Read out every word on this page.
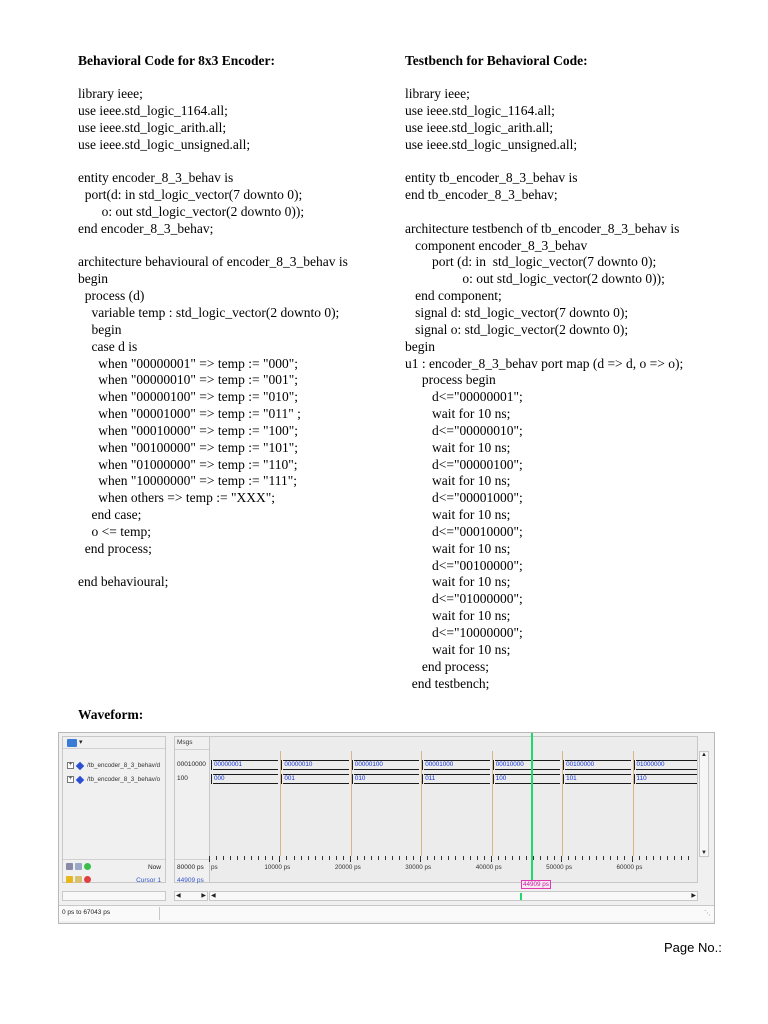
Behavioral Code for 8x3 Encoder:
library ieee;
use ieee.std_logic_1164.all;
use ieee.std_logic_arith.all;
use ieee.std_logic_unsigned.all;
entity encoder_8_3_behav is
port(d: in std_logic_vector(7 downto 0);
o: out std_logic_vector(2 downto 0));
end encoder_8_3_behav;
architecture behavioural of encoder_8_3_behav is
begin
process (d)
variable temp : std_logic_vector(2 downto 0);
begin
case d is
when "00000001" => temp := "000";
when "00000010" => temp := "001";
when "00000100" => temp := "010";
when "00001000" => temp := "011" ;
when "00010000" => temp := "100";
when "00100000" => temp := "101";
when "01000000" => temp := "110";
when "10000000" => temp := "111";
when others => temp := "XXX";
end case;
o <= temp;
end process;
end behavioural;
Testbench for Behavioral Code:
library ieee;
use ieee.std_logic_1164.all;
use ieee.std_logic_arith.all;
use ieee.std_logic_unsigned.all;
entity tb_encoder_8_3_behav is
end tb_encoder_8_3_behav;
architecture testbench of tb_encoder_8_3_behav is
component encoder_8_3_behav
port (d: in  std_logic_vector(7 downto 0);
o: out std_logic_vector(2 downto 0));
end component;
signal d: std_logic_vector(7 downto 0);
signal o: std_logic_vector(2 downto 0);
begin
u1 : encoder_8_3_behav port map (d => d, o => o);
process begin
d<="00000001";
wait for 10 ns;
d<="00000010";
wait for 10 ns;
d<="00000100";
wait for 10 ns;
d<="00001000";
wait for 10 ns;
d<="00010000";
wait for 10 ns;
d<="00100000";
wait for 10 ns;
d<="01000000";
wait for 10 ns;
d<="10000000";
wait for 10 ns;
end process;
end testbench;
Waveform:
▾
+ /tb_encoder_8_3_behav/d
+ /tb_encoder_8_3_behav/o
Now
Cursor 1
Msgs
00010000
100
80000 ps
44909 ps
00000001	00000010	00000100	00001000	00010000	00100000	01000000
000	001	010	011	100	101	110
ps	10000 ps	20000 ps	30000 ps	40000 ps	50000 ps	60000 ps
44909 ps
▲
▼
◀	▶ ◀	▶
0 ps to 67043 ps	⋱
Page No.:
